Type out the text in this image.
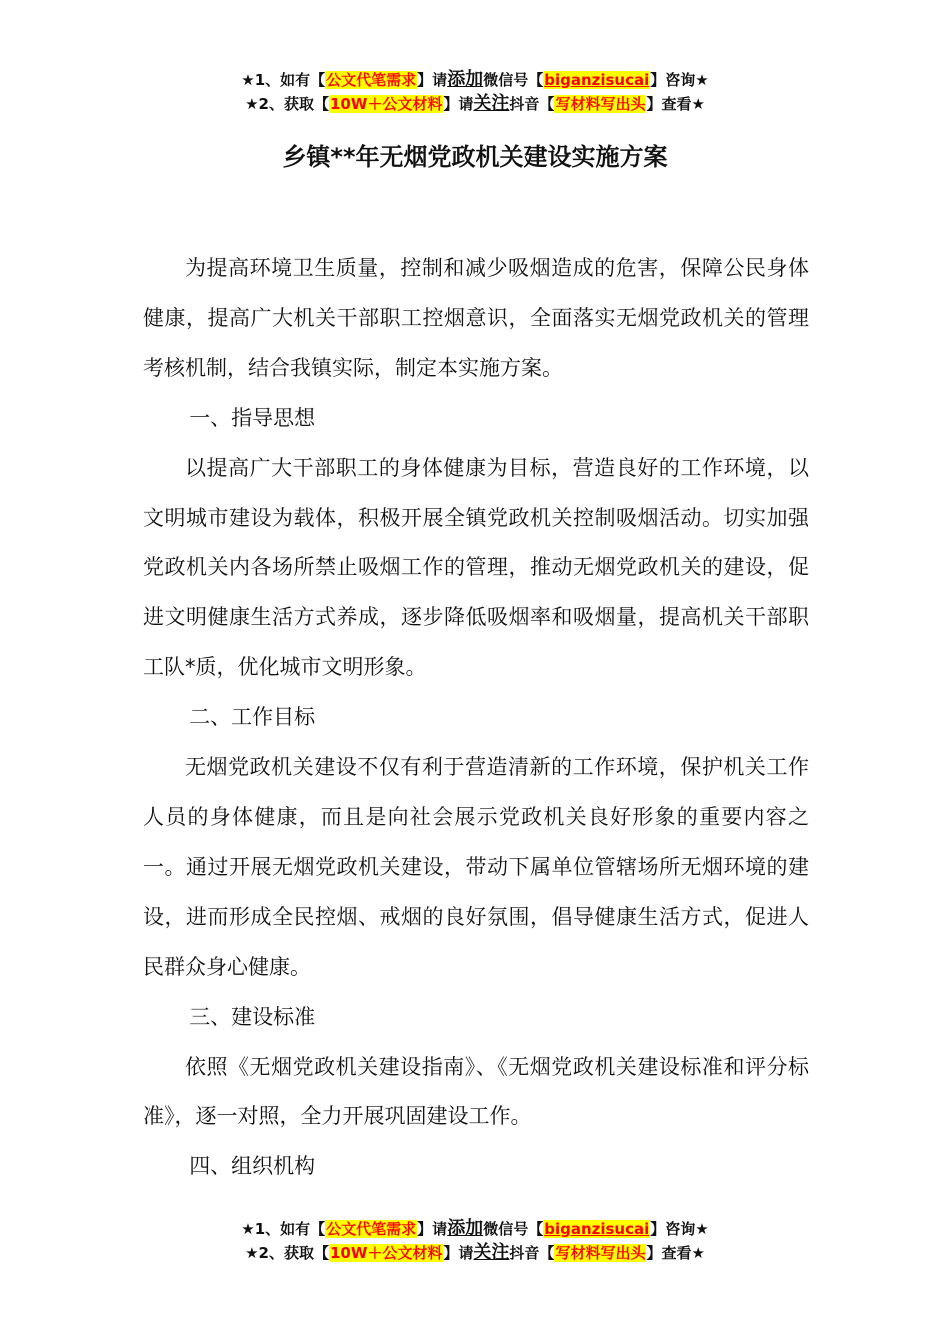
★1、如有【公文代笔需求】请添加微信号【biganzisucai】咨询★
★2、获取【10W＋公文材料】请关注抖音【写材料写出头】查看★
乡镇**年无烟党政机关建设实施方案

为提高环境卫生质量，控制和减少吸烟造成的危害，保障公民身体健康，提高广大机关干部职工控烟意识，全面落实无烟党政机关的管理考核机制，结合我镇实际，制定本实施方案。

一、指导思想

以提高广大干部职工的身体健康为目标，营造良好的工作环境，以文明城市建设为载体，积极开展全镇党政机关控制吸烟活动。切实加强党政机关内各场所禁止吸烟工作的管理，推动无烟党政机关的建设，促进文明健康生活方式养成，逐步降低吸烟率和吸烟量，提高机关干部职工队*质，优化城市文明形象。

二、工作目标

无烟党政机关建设不仅有利于营造清新的工作环境，保护机关工作人员的身体健康，而且是向社会展示党政机关良好形象的重要内容之一。通过开展无烟党政机关建设，带动下属单位管辖场所无烟环境的建设，进而形成全民控烟、戒烟的良好氛围，倡导健康生活方式，促进人民群众身心健康。

三、建设标准

依照《无烟党政机关建设指南》、《无烟党政机关建设标准和评分标准》，逐一对照，全力开展巩固建设工作。

四、组织机构

★1、如有【公文代笔需求】请添加微信号【biganzisucai】咨询★
★2、获取【10W＋公文材料】请关注抖音【写材料写出头】查看★
